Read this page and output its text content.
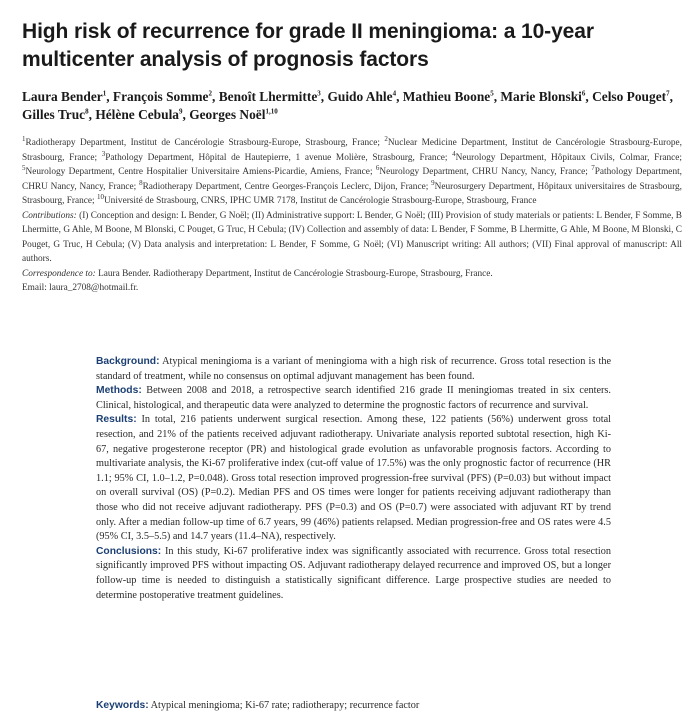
High risk of recurrence for grade II meningioma: a 10-year multicenter analysis of prognosis factors

Laura Bender$^1$, François Somme$^2$, Benoît Lhermitte$^3$, Guido Ahle$^4$, Mathieu Boone$^5$, Marie Blonski$^6$, Celso Pouget$^7$, Gilles Truc$^8$, Hélène Cebula$^9$, Georges Noël$^{1,10}$

$^1$Radiotherapy Department, Institut de Cancérologie Strasbourg-Europe, Strasbourg, France; $^2$Nuclear Medicine Department, Institut de Cancérologie Strasbourg-Europe, Strasbourg, France; $^3$Pathology Department, Hôpital de Hautepierre, 1 avenue Molière, Strasbourg, France; $^4$Neurology Department, Hôpitaux Civils, Colmar, France; $^5$Neurology Department, Centre Hospitalier Universitaire Amiens-Picardie, Amiens, France; $^6$Neurology Department, CHRU Nancy, Nancy, France; $^7$Pathology Department, CHRU Nancy, Nancy, France; $^8$Radiotherapy Department, Centre Georges-François Leclerc, Dijon, France; $^9$Neurosurgery Department, Hôpitaux universitaires de Strasbourg, Strasbourg, France; $^{10}$Université de Strasbourg, CNRS, IPHC UMR 7178, Institut de Cancérologie Strasbourg-Europe, Strasbourg, France

Contributions: (I) Conception and design: L Bender, G Noël; (II) Administrative support: L Bender, G Noël; (III) Provision of study materials or patients: L Bender, F Somme, B Lhermitte, G Ahle, M Boone, M Blonski, C Pouget, G Truc, H Cebula; (IV) Collection and assembly of data: L Bender, F Somme, B Lhermitte, G Ahle, M Boone, M Blonski, C Pouget, G Truc, H Cebula; (V) Data analysis and interpretation: L Bender, F Somme, G Noël; (VI) Manuscript writing: All authors; (VII) Final approval of manuscript: All authors.

Correspondence to: Laura Bender. Radiotherapy Department, Institut de Cancérologie Strasbourg-Europe, Strasbourg, France.

Email: laura_2708@hotmail.fr.

Background: Atypical meningioma is a variant of meningioma with a high risk of recurrence. Gross total resection is the standard of treatment, while no consensus on optimal adjuvant management has been found.

Methods: Between 2008 and 2018, a retrospective search identified 216 grade II meningiomas treated in six centers. Clinical, histological, and therapeutic data were analyzed to determine the prognostic factors of recurrence and survival.

Results: In total, 216 patients underwent surgical resection. Among these, 122 patients (56%) underwent gross total resection, and 21% of the patients received adjuvant radiotherapy. Univariate analysis reported subtotal resection, high Ki-67, negative progesterone receptor (PR) and histological grade evolution as unfavorable prognosis factors. According to multivariate analysis, the Ki-67 proliferative index (cut-off value of 17.5%) was the only prognostic factor of recurrence (HR 1.1; 95% CI, 1.0–1.2, P=0.048). Gross total resection improved progression-free survival (PFS) (P=0.03) but without impact on overall survival (OS) (P=0.2). Median PFS and OS times were longer for patients receiving adjuvant radiotherapy than those who did not receive adjuvant radiotherapy. PFS (P=0.3) and OS (P=0.7) were associated with adjuvant RT by trend only. After a median follow-up time of 6.7 years, 99 (46%) patients relapsed. Median progression-free and OS rates were 4.5 (95% CI, 3.5–5.5) and 14.7 years (11.4–NA), respectively.

Conclusions: In this study, Ki-67 proliferative index was significantly associated with recurrence. Gross total resection significantly improved PFS without impacting OS. Adjuvant radiotherapy delayed recurrence and improved OS, but a longer follow-up time is needed to distinguish a statistically significant difference. Large prospective studies are needed to determine postoperative treatment guidelines.

Keywords: Atypical meningioma; Ki-67 rate; radiotherapy; recurrence factor
